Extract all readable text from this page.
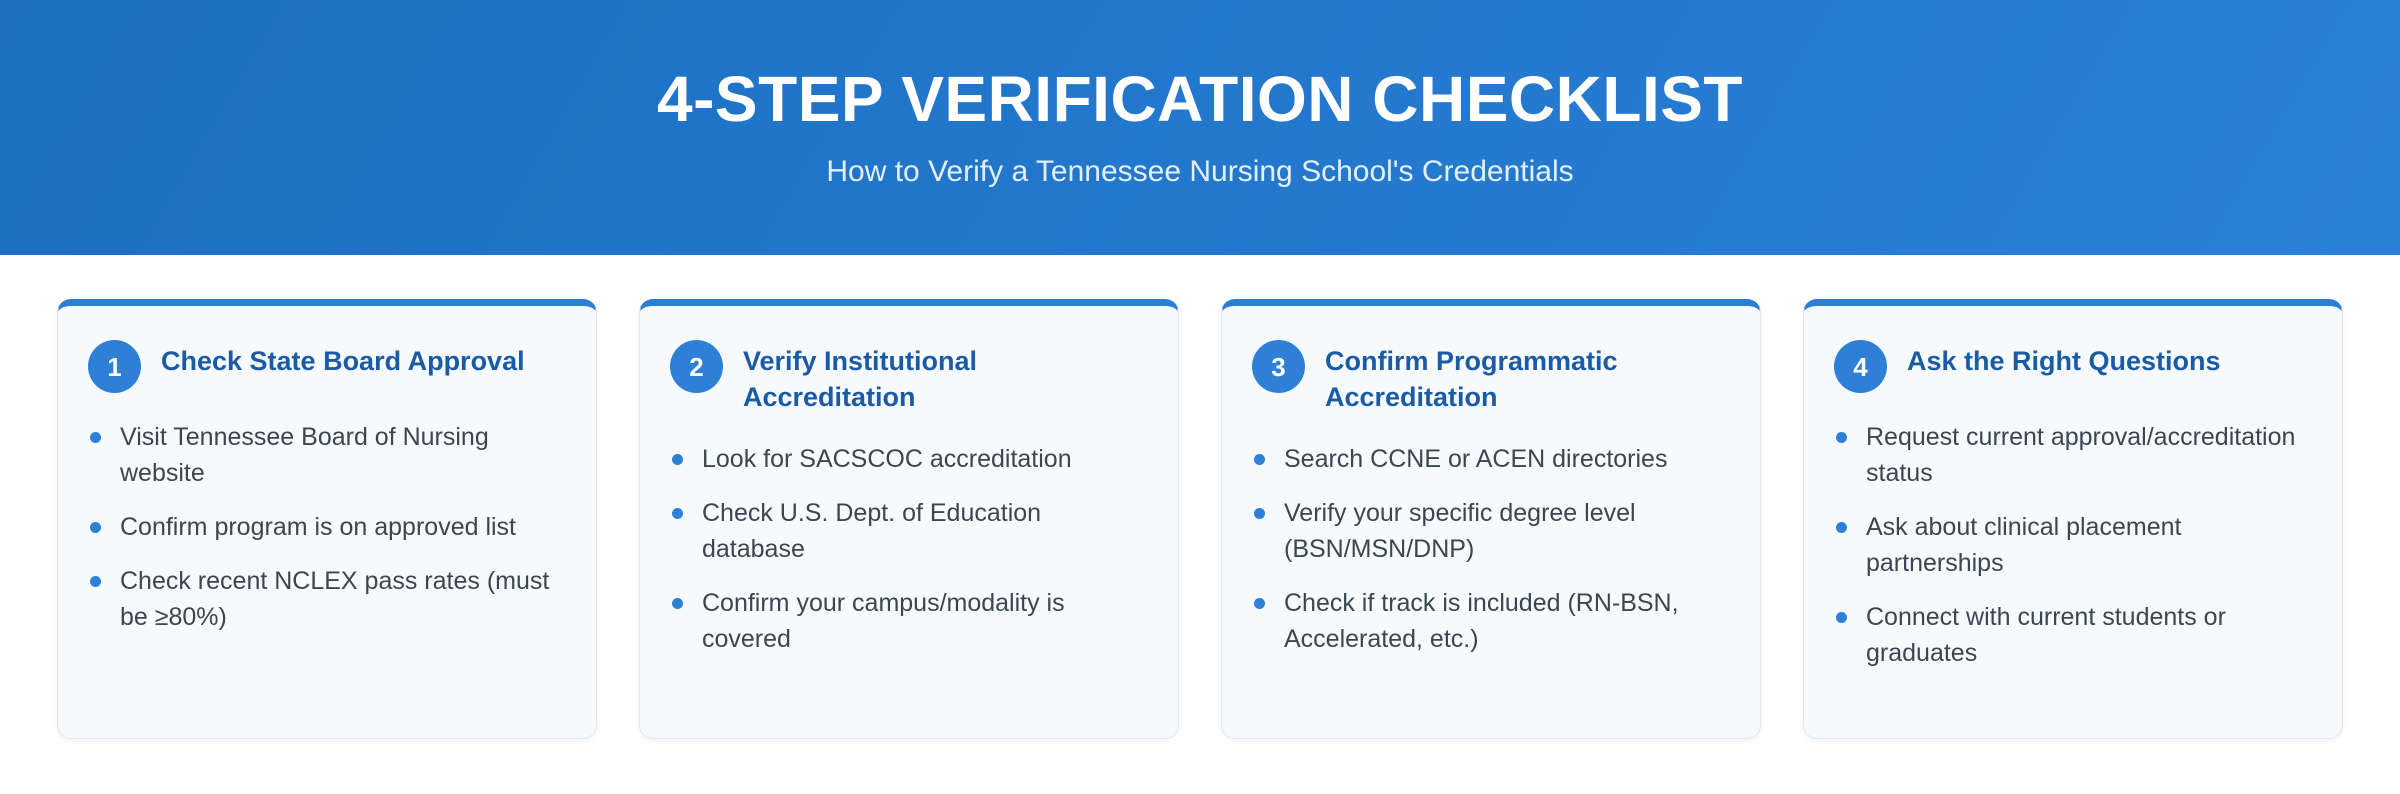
4-STEP VERIFICATION CHECKLIST

How to Verify a Tennessee Nursing School's Credentials

1	Check State Board Approval
Visit Tennessee Board of Nursing website
Confirm program is on approved list
Check recent NCLEX pass rates (must be ≥80%)
2	Verify Institutional Accreditation
Look for SACSCOC accreditation
Check U.S. Dept. of Education database
Confirm your campus/modality is covered
3	Confirm Programmatic Accreditation
Search CCNE or ACEN directories
Verify your specific degree level (BSN/MSN/DNP)
Check if track is included (RN-BSN, Accelerated, etc.)
4	Ask the Right Questions
Request current approval/accreditation status
Ask about clinical placement partnerships
Connect with current students or graduates
